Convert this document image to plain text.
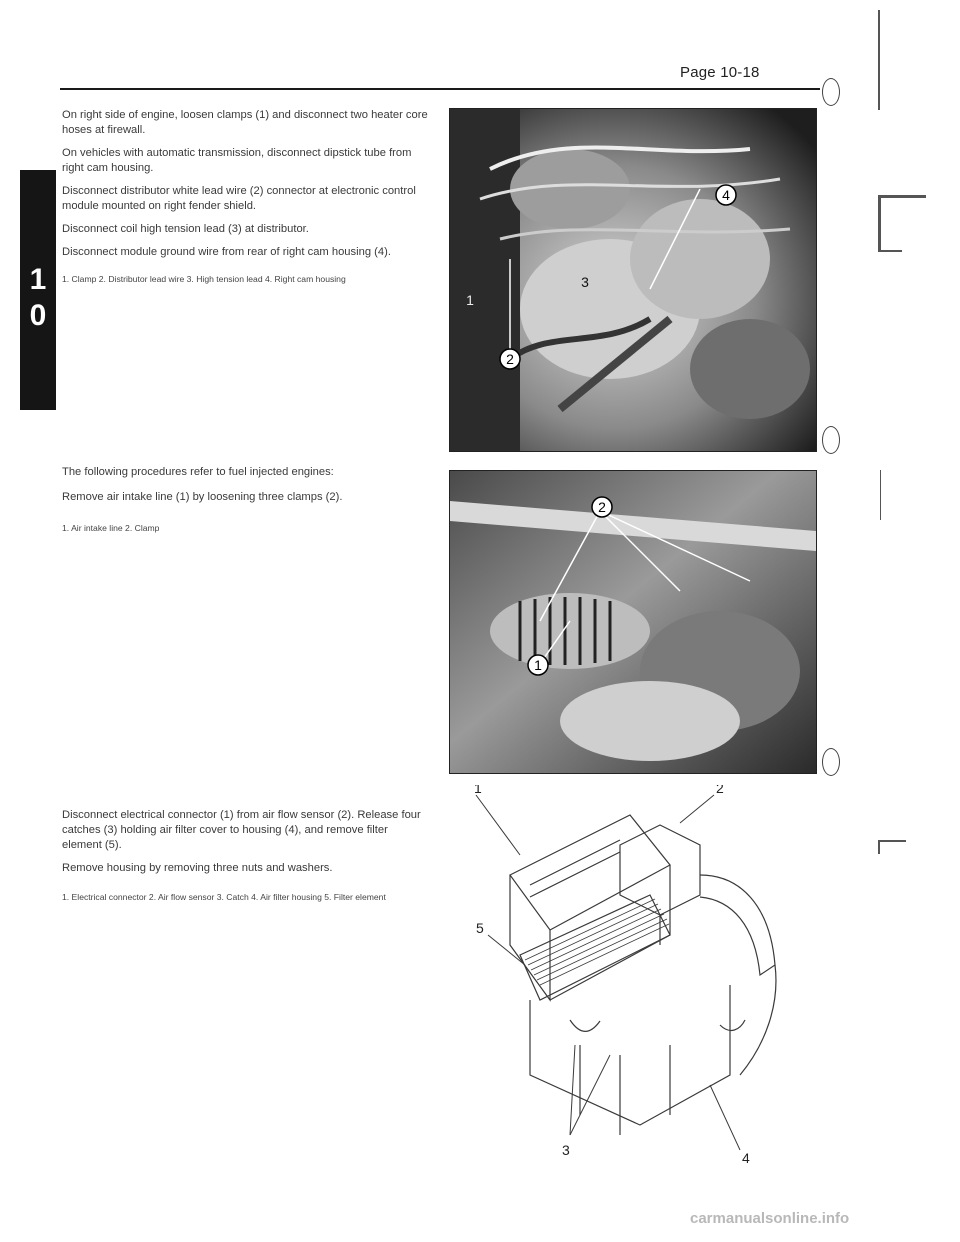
Page 10-18
1
0

On right side of engine, loosen clamps (1) and disconnect two heater core hoses at firewall.

On vehicles with automatic transmission, disconnect dipstick tube from right cam housing.

Disconnect distributor white lead wire (2) connector at electronic control module mounted on right fender shield.

Disconnect coil high tension lead (3) at distributor.

Disconnect module ground wire from rear of right cam housing (4).

1. Clamp 2. Distributor lead wire 3. High tension lead 4. Right cam housing

2
4
3
1

The following procedures refer to fuel injected engines:

Remove air intake line (1) by loosening three clamps (2).

1. Air intake line 2. Clamp

2
1

Disconnect electrical connector (1) from air flow sensor (2). Release four catches (3) holding air filter cover to housing (4), and remove filter element (5).

Remove housing by removing three nuts and washers.

1. Electrical connector 2. Air flow sensor 3. Catch 4. Air filter housing 5. Filter element

1	2
3	4
5
carmanualsonline.info
